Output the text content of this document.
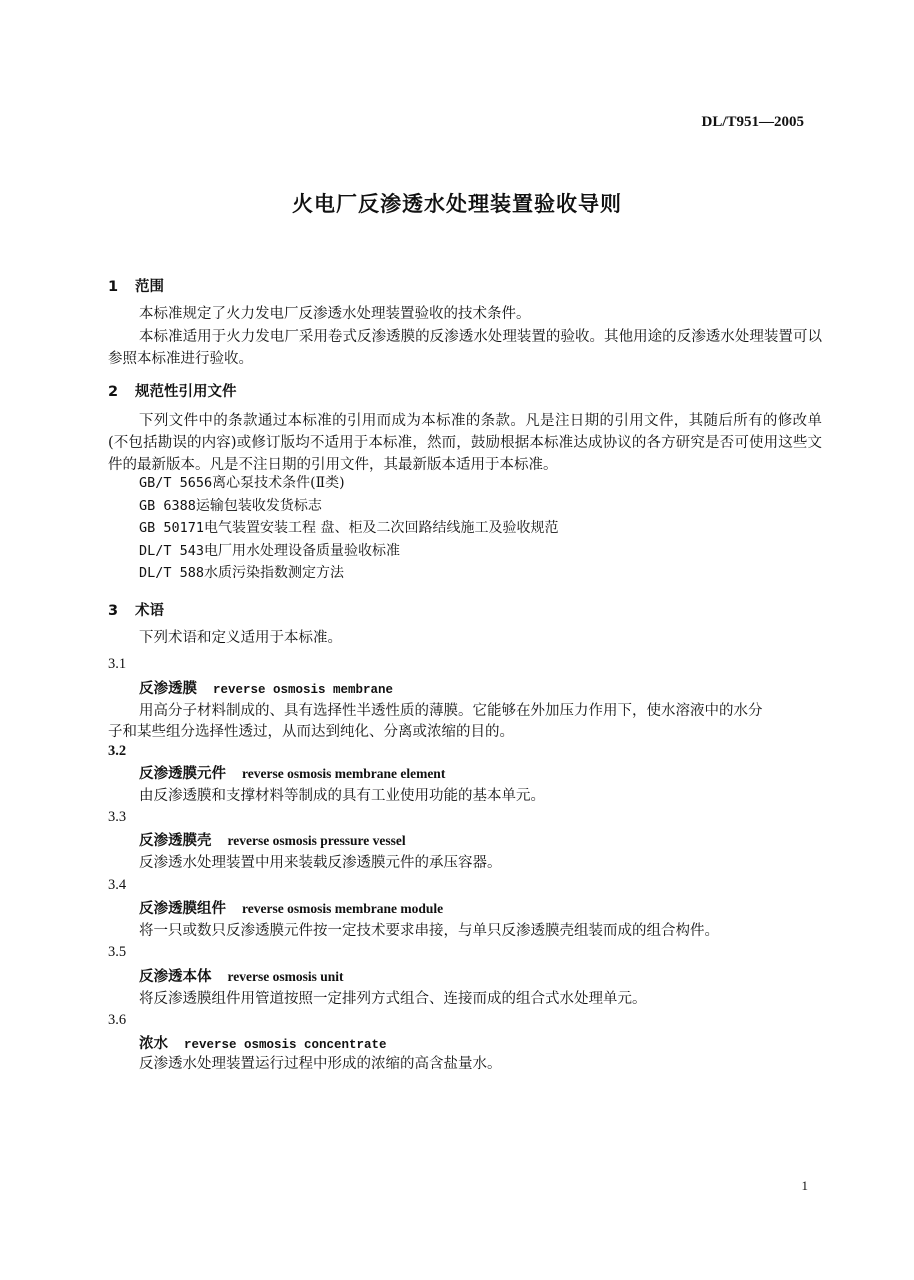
DL/T951—2005
火电厂反渗透水处理装置验收导则
1 范围
本标准规定了火力发电厂反渗透水处理装置验收的技术条件。
本标准适用于火力发电厂采用卷式反渗透膜的反渗透水处理装置的验收。其他用途的反渗透水处理装置可以参照本标准进行验收。
2 规范性引用文件
下列文件中的条款通过本标准的引用而成为本标准的条款。凡是注日期的引用文件，其随后所有的修改单(不包括勘误的内容)或修订版均不适用于本标准，然而，鼓励根据本标准达成协议的各方研究是否可使用这些文件的最新版本。凡是不注日期的引用文件，其最新版本适用于本标准。
GB/T 5656离心泵技术条件(Ⅱ类)
GB 6388运输包装收发货标志
GB 50171电气装置安装工程 盘、柜及二次回路结线施工及验收规范
DL/T 543电厂用水处理设备质量验收标准
DL/T 588水质污染指数测定方法
3 术语
下列术语和定义适用于本标准。
3.1
反渗透膜 reverse osmosis membrane
用高分子材料制成的、具有选择性半透性质的薄膜。它能够在外加压力作用下，使水溶液中的水分
子和某些组分选择性透过，从而达到纯化、分离或浓缩的目的。
3.2
反渗透膜元件 reverse osmosis membrane element
由反渗透膜和支撑材料等制成的具有工业使用功能的基本单元。
3.3
反渗透膜壳 reverse osmosis pressure vessel
反渗透水处理装置中用来装载反渗透膜元件的承压容器。
3.4
反渗透膜组件 reverse osmosis membrane module
将一只或数只反渗透膜元件按一定技术要求串接，与单只反渗透膜壳组装而成的组合构件。
3.5
反渗透本体 reverse osmosis unit
将反渗透膜组件用管道按照一定排列方式组合、连接而成的组合式水处理单元。
3.6
浓水 reverse osmosis concentrate
反渗透水处理装置运行过程中形成的浓缩的高含盐量水。
1
